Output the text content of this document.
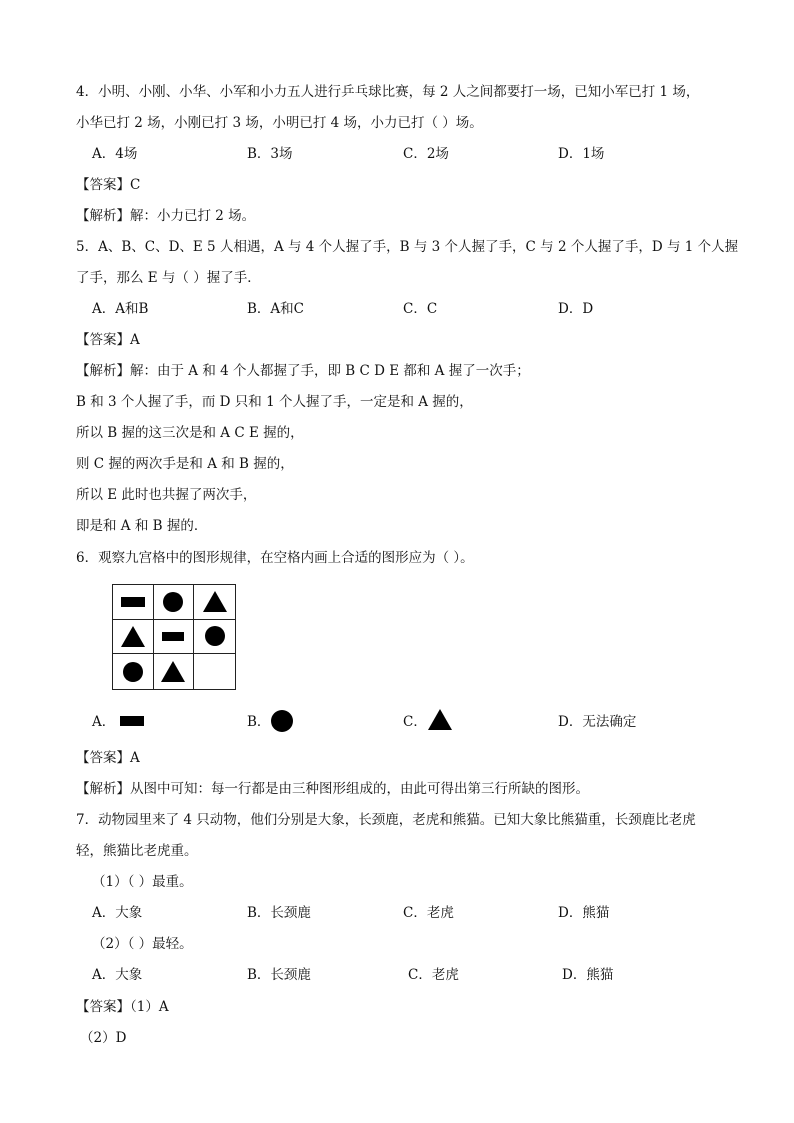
4．小明、小刚、小华、小军和小力五人进行乒乓球比赛，每 2 人之间都要打一场，已知小军已打 1 场，
小华已打 2 场，小刚已打 3 场，小明已打 4 场，小力已打（ ）场。
A．4场	B．3场	C．2场	D．1场
【答案】C
【解析】解：小力已打 2 场。
5．A、B、C、D、E 5 人相遇，A 与 4 个人握了手，B 与 3 个人握了手，C 与 2 个人握了手，D 与 1 个人握
了手，那么 E 与（ ）握了手．
A．A和B	B．A和C	C．C	D．D
【答案】A
【解析】解：由于 A 和 4 个人都握了手，即 B C D E 都和 A 握了一次手；
B 和 3 个人握了手，而 D 只和 1 个人握了手，一定是和 A 握的，
所以 B 握的这三次是和 A C E 握的，
则 C 握的两次手是和 A 和 B 握的，
所以 E 此时也共握了两次手，
即是和 A 和 B 握的．
6．观察九宫格中的图形规律，在空格内画上合适的图形应为（ ）。
A．	B．	C．	D．无法确定
【答案】A
【解析】从图中可知：每一行都是由三种图形组成的，由此可得出第三行所缺的图形。
7．动物园里来了 4 只动物，他们分别是大象，长颈鹿，老虎和熊猫。已知大象比熊猫重，长颈鹿比老虎
轻，熊猫比老虎重。
（1）（ ）最重。
A．大象	B．长颈鹿	C．老虎	D．熊猫
（2）（ ）最轻。
A．大象	B．长颈鹿	C．老虎	D．熊猫
【答案】（1）A
（2）D
